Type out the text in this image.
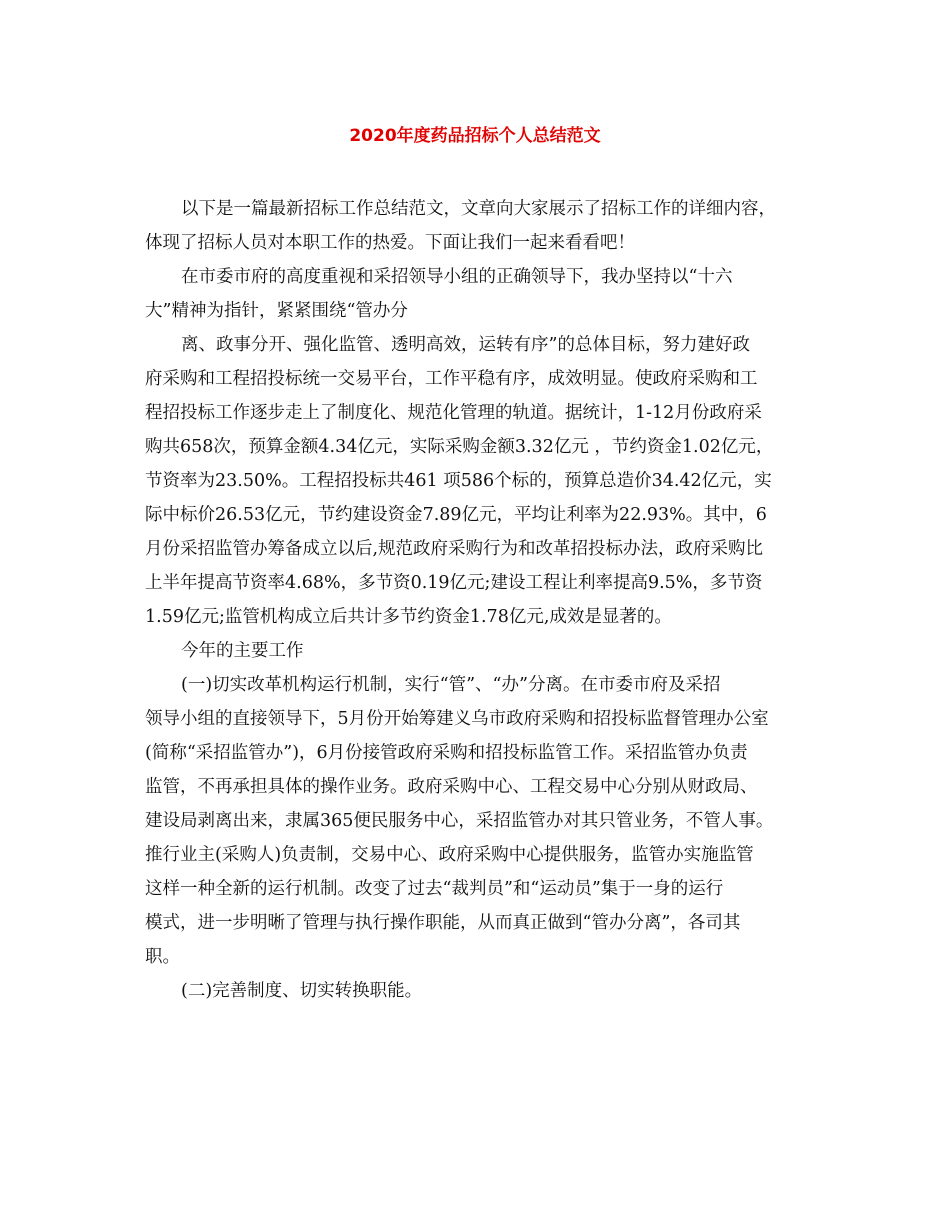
2020年度药品招标个人总结范文

以下是一篇最新招标工作总结范文，文章向大家展示了招标工作的详细内容，

体现了招标人员对本职工作的热爱。下面让我们一起来看看吧！

在市委市府的高度重视和采招领导小组的正确领导下，我办坚持以“十六

大”精神为指针，紧紧围绕“管办分

离、政事分开、强化监管、透明高效，运转有序”的总体目标，努力建好政

府采购和工程招投标统一交易平台，工作平稳有序，成效明显。使政府采购和工

程招投标工作逐步走上了制度化、规范化管理的轨道。据统计，1-12月份政府采

购共658次，预算金额4.34亿元，实际采购金额3.32亿元 ，节约资金1.02亿元，

节资率为23.50%。工程招投标共461 项586个标的，预算总造价34.42亿元，实

际中标价26.53亿元，节约建设资金7.89亿元，平均让利率为22.93%。其中，6

月份采招监管办筹备成立以后,规范政府采购行为和改革招投标办法，政府采购比

上半年提高节资率4.68%，多节资0.19亿元;建设工程让利率提高9.5%，多节资

1.59亿元;监管机构成立后共计多节约资金1.78亿元,成效是显著的。

今年的主要工作

(一)切实改革机构运行机制，实行“管”、“办”分离。在市委市府及采招

领导小组的直接领导下，5月份开始筹建义乌市政府采购和招投标监督管理办公室

(简称“采招监管办”)，6月份接管政府采购和招投标监管工作。采招监管办负责

监管，不再承担具体的操作业务。政府采购中心、工程交易中心分别从财政局、

建设局剥离出来，隶属365便民服务中心，采招监管办对其只管业务，不管人事。

推行业主(采购人)负责制，交易中心、政府采购中心提供服务，监管办实施监管

这样一种全新的运行机制。改变了过去“裁判员”和“运动员”集于一身的运行

模式，进一步明晰了管理与执行操作职能，从而真正做到“管办分离”，各司其

职。

(二)完善制度、切实转换职能。
